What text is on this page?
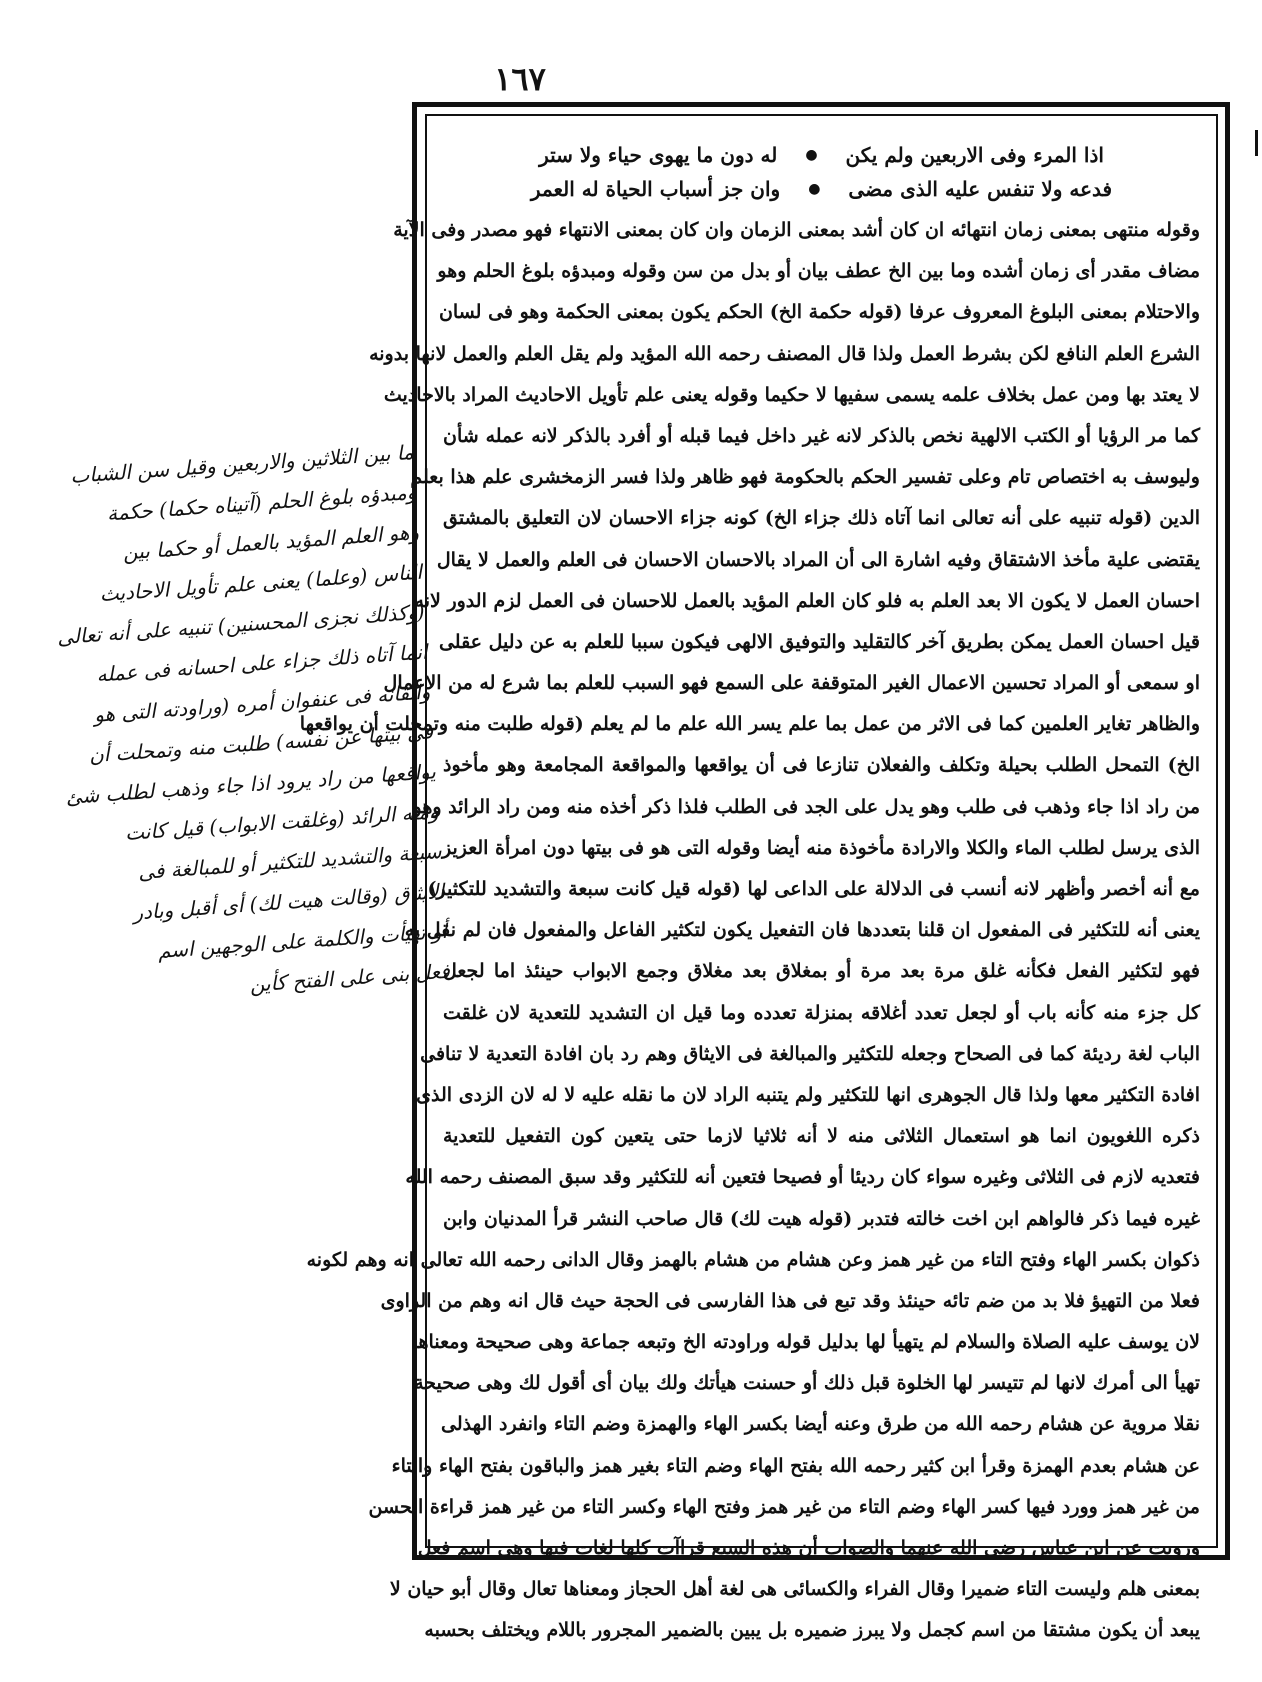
١٦٧
اذا المرء وفى الاربعين ولم يكن
●
له دون ما يهوى حياء ولا ستر
فدعه ولا تنفس عليه الذى مضى
●
وان جز أسباب الحياة له العمر
وقوله منتهى بمعنى زمان انتهائه ان كان أشد بمعنى الزمان وان كان بمعنى الانتهاء فهو مصدر وفى الآية
مضاف مقدر أى زمان أشده وما بين الخ عطف بيان أو بدل من سن وقوله ومبدؤه بلوغ الحلم وهو
والاحتلام بمعنى البلوغ المعروف عرفا (قوله حكمة الخ) الحكم يكون بمعنى الحكمة وهو فى لسان
الشرع العلم النافع لكن بشرط العمل ولذا قال المصنف رحمه الله المؤيد ولم يقل العلم والعمل لانها بدونه
لا يعتد بها ومن عمل بخلاف علمه يسمى سفيها لا حكيما وقوله يعنى علم تأويل الاحاديث المراد بالاحاديث
كما مر الرؤيا أو الكتب الالهية نخص بالذكر لانه غير داخل فيما قبله أو أفرد بالذكر لانه عمله شأن
وليوسف به اختصاص تام وعلى تفسير الحكم بالحكومة فهو ظاهر ولذا فسر الزمخشرى علم هذا بعلم
الدين (قوله تنبيه على أنه تعالى انما آتاه ذلك جزاء الخ) كونه جزاء الاحسان لان التعليق بالمشتق
يقتضى علية مأخذ الاشتقاق وفيه اشارة الى أن المراد بالاحسان الاحسان فى العلم والعمل لا يقال
احسان العمل لا يكون الا بعد العلم به فلو كان العلم المؤيد بالعمل للاحسان فى العمل لزم الدور لانه
قيل احسان العمل يمكن بطريق آخر كالتقليد والتوفيق الالهى فيكون سببا للعلم به عن دليل عقلى
او سمعى أو المراد تحسين الاعمال الغير المتوقفة على السمع فهو السبب للعلم بما شرع له من الاعمال
والظاهر تغاير العلمين كما فى الاثر من عمل بما علم يسر الله علم ما لم يعلم (قوله طلبت منه وتمحلت أن يواقعها
الخ) التمحل الطلب بحيلة وتكلف والفعلان تنازعا فى أن يواقعها والمواقعة المجامعة وهو مأخوذ
من راد اذا جاء وذهب فى طلب وهو يدل على الجد فى الطلب فلذا ذكر أخذه منه ومن راد الرائد وهو
الذى يرسل لطلب الماء والكلا والارادة مأخوذة منه أيضا وقوله التى هو فى بيتها دون امرأة العزيز
مع أنه أخصر وأظهر لانه أنسب فى الدلالة على الداعى لها (قوله قيل كانت سبعة والتشديد للتكثير)
يعنى أنه للتكثير فى المفعول ان قلنا بتعددها فان التفعيل يكون لتكثير الفاعل والمفعول فان لم نقل به
فهو لتكثير الفعل فكأنه غلق مرة بعد مرة أو بمغلاق بعد مغلاق وجمع الابواب حينئذ اما لجعل
كل جزء منه كأنه باب أو لجعل تعدد أغلاقه بمنزلة تعدده وما قيل ان التشديد للتعدية لان غلقت
الباب لغة رديئة كما فى الصحاح وجعله للتكثير والمبالغة فى الايثاق وهم رد بان افادة التعدية لا تنافى
افادة التكثير معها ولذا قال الجوهرى انها للتكثير ولم يتنبه الراد لان ما نقله عليه لا له لان الزدى الذى
ذكره اللغويون انما هو استعمال الثلاثى منه لا أنه ثلاثيا لازما حتى يتعين كون التفعيل للتعدية
فتعديه لازم فى الثلاثى وغيره سواء كان رديئا أو فصيحا فتعين أنه للتكثير وقد سبق المصنف رحمه الله
غيره فيما ذكر فالواهم ابن اخت خالته فتدبر (قوله هيت لك) قال صاحب النشر قرأ المدنيان وابن
ذكوان بكسر الهاء وفتح التاء من غير همز وعن هشام من هشام بالهمز وقال الدانى رحمه الله تعالى انه وهم لكونه
فعلا من التهيؤ فلا بد من ضم تائه حينئذ وقد تبع فى هذا الفارسى فى الحجة حيث قال انه وهم من الراوى
لان يوسف عليه الصلاة والسلام لم يتهيأ لها بدليل قوله وراودته الخ وتبعه جماعة وهى صحيحة ومعناها
تهيأ الى أمرك لانها لم تتيسر لها الخلوة قبل ذلك أو حسنت هيأتك ولك بيان أى أقول لك وهى صحيحة
نقلا مروية عن هشام رحمه الله من طرق وعنه أيضا بكسر الهاء والهمزة وضم التاء وانفرد الهذلى
عن هشام بعدم الهمزة وقرأ ابن كثير رحمه الله بفتح الهاء وضم التاء بغير همز والباقون بفتح الهاء والتاء
من غير همز وورد فيها كسر الهاء وضم التاء من غير همز وفتح الهاء وكسر التاء من غير همز قراءة الحسن
ورويت عن ابن عباس رضى الله عنهما والصواب أن هذه السبع قراآت كلها لغات فيها وهى اسم فعل
بمعنى هلم وليست التاء ضميرا وقال الفراء والكسائى هى لغة أهل الحجاز ومعناها تعال وقال أبو حيان لا
يبعد أن يكون مشتقا من اسم كجمل ولا يبرز ضميره بل يبين بالضمير المجرور باللام ويختلف بحسبه
ما بين الثلاثين والاربعين وقيل سن الشباب
ومبدؤه بلوغ الحلم (آتيناه حكما) حكمة
وهو العلم المؤيد بالعمل أو حكما بين
الناس (وعلما) يعنى علم تأويل الاحاديث
(وكذلك نجزى المحسنين) تنبيه على أنه تعالى
انما آتاه ذلك جزاء على احسانه فى عمله
واتقانه فى عنفوان أمره (وراودته التى هو
فى بيتها عن نفسه) طلبت منه وتمحلت أن
يواقعها من راد يرود اذا جاء وذهب لطلب شئ
ومنه الرائد (وغلقت الابواب) قيل كانت
سبعة والتشديد للتكثير أو للمبالغة فى
الايثاق (وقالت هيت لك) أى أقبل وبادر
أو تهيأت والكلمة على الوجهين اسم
فعل بنى على الفتح كأين
